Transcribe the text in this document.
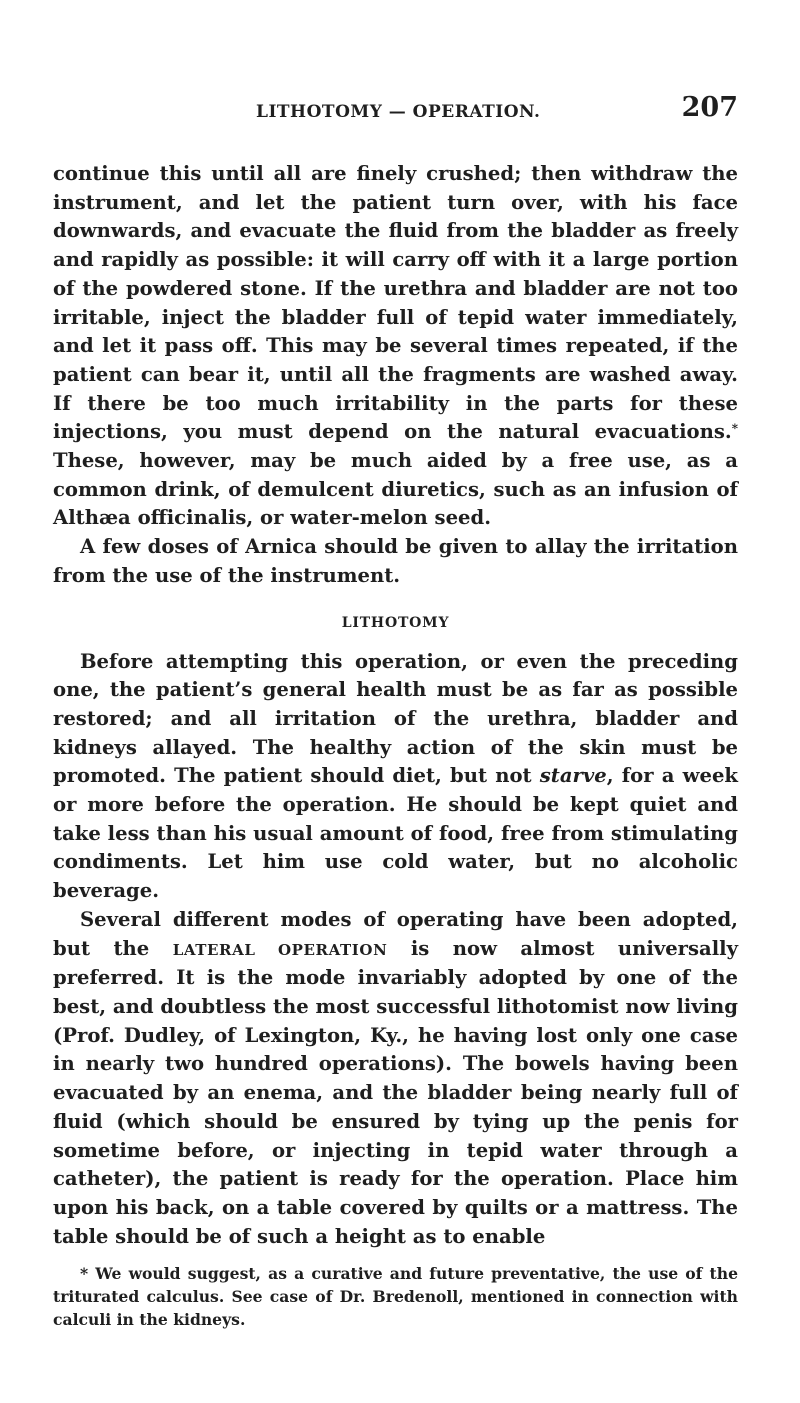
LITHOTOMY — OPERATION.	207

continue this until all are finely crushed; then withdraw the instrument, and let the patient turn over, with his face downwards, and evacuate the fluid from the bladder as freely and rapidly as possible: it will carry off with it a large portion of the powdered stone. If the urethra and bladder are not too irritable, inject the bladder full of tepid water immediately, and let it pass off. This may be several times repeated, if the patient can bear it, until all the fragments are washed away. If there be too much irritability in the parts for these injections, you must depend on the natural evacuations.* These, however, may be much aided by a free use, as a common drink, of demulcent diuretics, such as an infusion of Althæa officinalis, or water-melon seed.

A few doses of Arnica should be given to allay the irritation from the use of the instrument.

LITHOTOMY

Before attempting this operation, or even the preceding one, the patient’s general health must be as far as possible restored; and all irritation of the urethra, bladder and kidneys allayed. The healthy action of the skin must be promoted. The patient should diet, but not starve, for a week or more before the operation. He should be kept quiet and take less than his usual amount of food, free from stimulating condiments. Let him use cold water, but no alcoholic beverage.

Several different modes of operating have been adopted, but the LATERAL OPERATION is now almost universally preferred. It is the mode invariably adopted by one of the best, and doubtless the most successful lithotomist now living (Prof. Dudley, of Lexington, Ky., he having lost only one case in nearly two hundred operations). The bowels having been evacuated by an enema, and the bladder being nearly full of fluid (which should be ensured by tying up the penis for sometime before, or injecting in tepid water through a catheter), the patient is ready for the operation. Place him upon his back, on a table covered by quilts or a mattress. The table should be of such a height as to enable

* We would suggest, as a curative and future preventative, the use of the triturated calculus. See case of Dr. Bredenoll, mentioned in connection with calculi in the kidneys.
